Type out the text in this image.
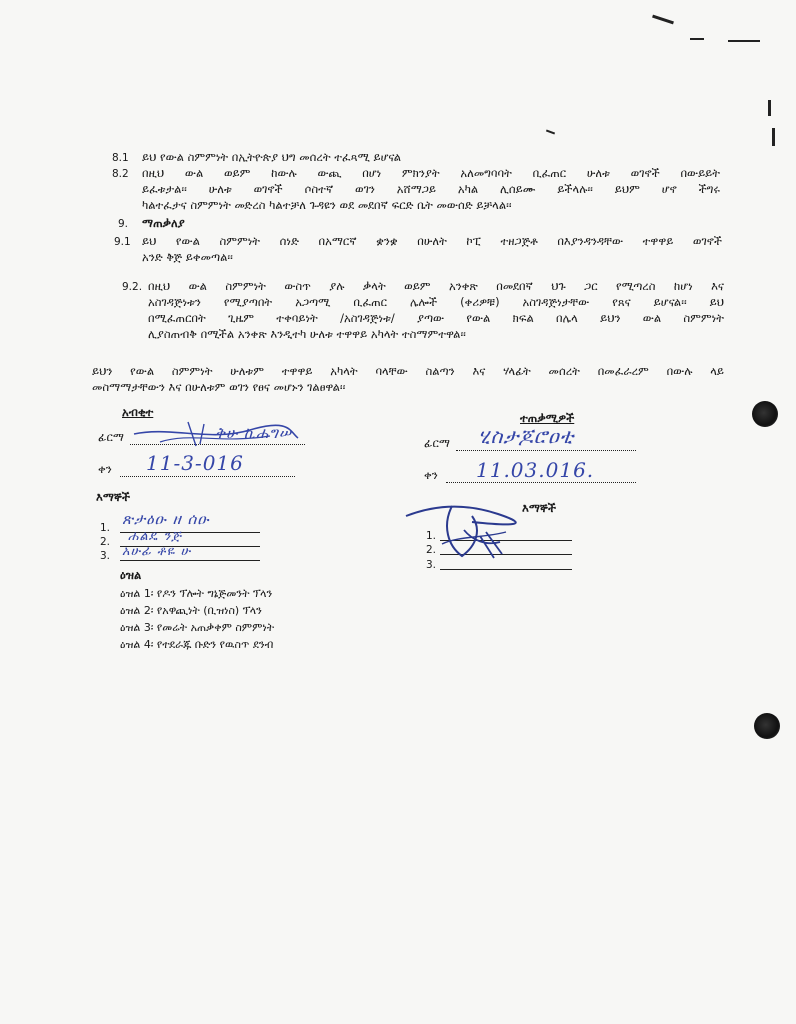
8.1 ይህ የውል ስምምነት በኢትዮጵያ ህግ መሰረት ተፈጻሚ ይሆናል
8.2 በዚህ ውል ወይም ከውሉ ውጪ በሆነ ምክንያት አለመግባባት ቢፈጠር ሁለቱ ወገኖች በውይይት
ይፈቱታል፡፡ ሁለቱ ወገኖች ሶስተኛ ወገን አሸማጋይ አካል ሊሰይሙ ይችላሉ፡፡ ይህም ሆኖ ችግሩ
ካልተፈታና ስምምነት መድረስ ካልተቻለ ጉዳዩን ወደ መደበኛ ፍርድ ቤት መውሰድ ይቻላል፡፡
9. ማጠቃለያ
9.1 ይህ የውል ስምምነት ሰነድ በአማርኛ ቋንቋ በሁለት ኮፒ ተዘጋጅቶ በእያንዳንዳቸው ተዋዋይ ወገኖች
አንድ ቅጅ ይቀመጣል፡፡
9.2. በዚህ ውል ስምምነት ውስጥ ያሉ ቃላት ወይም አንቀጽ በመደበኛ ህጉ ጋር የሚጣረስ ከሆነ እና
አስገዳጅነቱን የሚያጣበት አጋጣሚ ቢፈጠር ሌሎች (ቀሪዎቹ) አስገዳጅነታቸው የጸና ይሆናል፡፡ ይህ
በሚፈጠርበት ጊዜም ተቀባይነት /አስገዳጅነቱ/ ያጣው የውል ክፍል በሌላ ይህን ውል ስምምነት
ሊያስጠብቅ በሚችል አንቀጽ እንዲተካ ሁለቱ ተዋዋይ አካላት ተስማምተዋል፡፡
ይህን የውል ስምምነት ሁለቱም ተዋዋይ አካላት ባላቸው ስልጣን እና ሃላፊት መሰረት በመፈራረም በውሉ ላይ
መስማማታቸውን እና በሁለቱም ወገን የፀና መሆኑን ገልፀዋል፡፡
አብቂተ
ፊርማ	ቅሁ ኪሐግሠ
ቀን 11-3-016
እማኞች
1.
2.
3.
ጽታዕዑ ዘ ሰዑ
ሐልዴ ንጅ
አሁፊ ቶዬ ሁ
ዕዝል
ዕዝል 1፡ የዶን ፕሎት ግኔጅመንት ፕላን
ዕዝል 2፡ የአዋጪነት (ቢዝነስ) ፕላን
ዕዝል 3፡ የመሬት አጠቃቀም ስምምነት
ዕዝል 4፡ የተደራጁ ቡድን የዉስጥ ደንብ
ተጠቃሚዎች
ፊርማ ሂስታጆሮዐቲ
ቀን 11.03.016.
እማኞች
1.
2.
3.
